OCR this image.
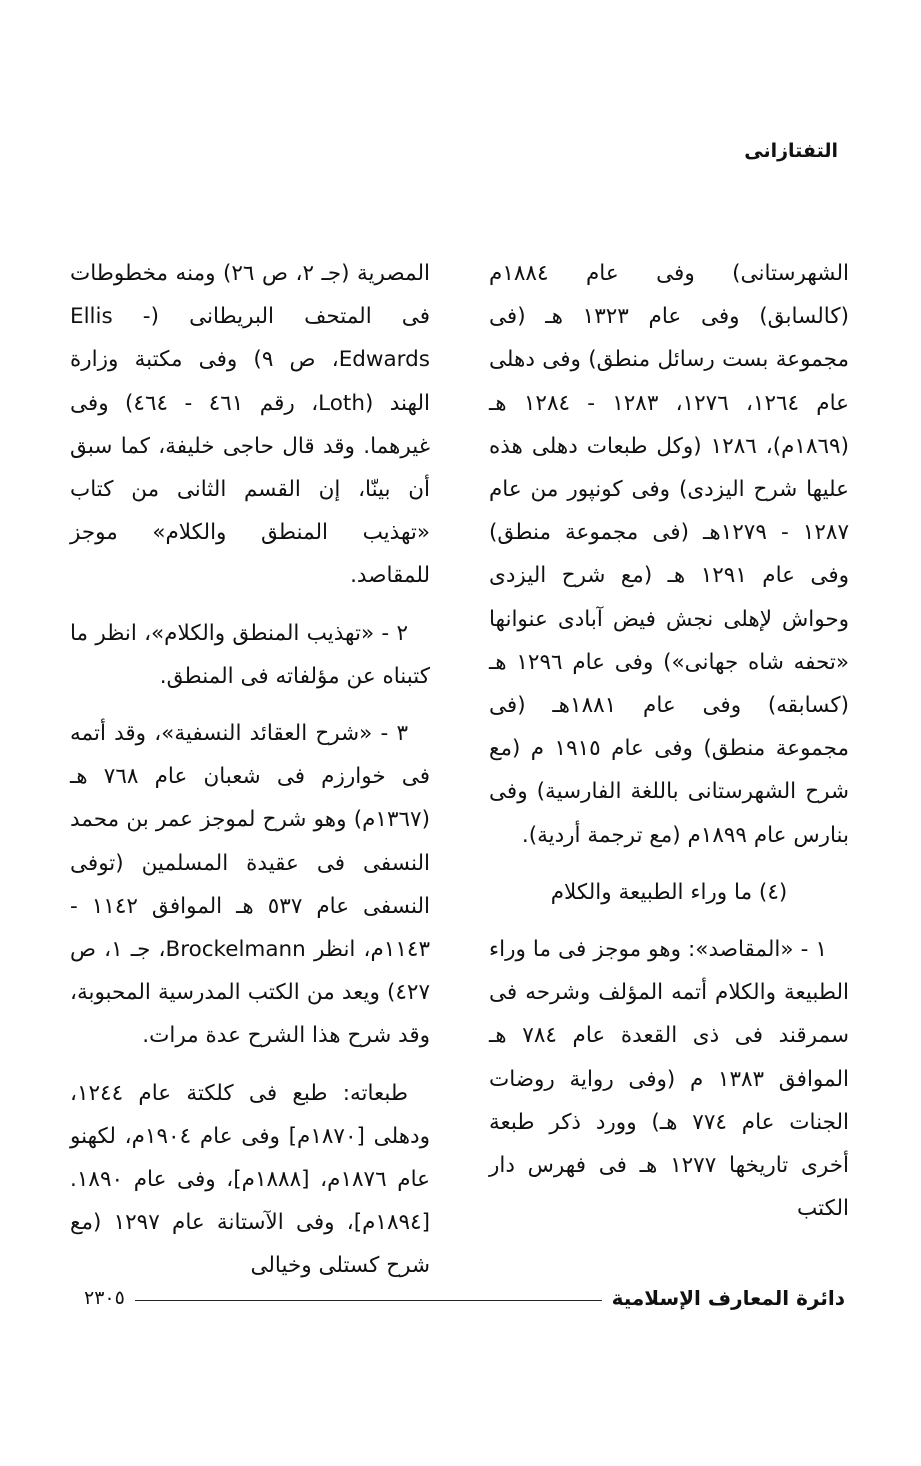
التفتازانى

الشهرستانى) وفى عام ١٨٨٤م (كالسابق) وفى عام ١٣٢٣ هـ (فى مجموعة بست رسائل منطق) وفى دهلى عام ١٢٦٤، ١٢٧٦، ١٢٨٣ - ١٢٨٤ هـ (١٨٦٩م)، ١٢٨٦ (وكل طبعات دهلى هذه عليها شرح اليزدى) وفى كونپور من عام ١٢٨٧ - ١٢٧٩هـ (فى مجموعة منطق) وفى عام ١٢٩١ هـ (مع شرح اليزدى وحواش لإهلى نجش فيض آبادى عنوانها «تحفه شاه جهانى») وفى عام ١٢٩٦ هـ (كسابقه) وفى عام ١٨٨١هـ (فى مجموعة منطق) وفى عام ١٩١٥ م (مع شرح الشهرستانى باللغة الفارسية) وفى بنارس عام ١٨٩٩م (مع ترجمة أردية).

(٤) ما وراء الطبيعة والكلام

١ - «المقاصد»: وهو موجز فى ما وراء الطبيعة والكلام أتمه المؤلف وشرحه فى سمرقند فى ذى القعدة عام ٧٨٤ هـ الموافق ١٣٨٣ م (وفى رواية روضات الجنات عام ٧٧٤ هـ) وورد ذكر طبعة أخرى تاريخها ١٢٧٧ هـ فى فهرس دار الكتب

المصرية (جـ ٢، ص ٢٦) ومنه مخطوطات فى المتحف البريطانى (Ellis - Edwards، ص ٩) وفى مكتبة وزارة الهند (Loth، رقم ٤٦١ - ٤٦٤) وفى غيرهما. وقد قال حاجى خليفة، كما سبق أن بينّا، إن القسم الثانى من كتاب «تهذيب المنطق والكلام» موجز للمقاصد.

٢ - «تهذيب المنطق والكلام»، انظر ما كتبناه عن مؤلفاته فى المنطق.

٣ - «شرح العقائد النسفية»، وقد أتمه فى خوارزم فى شعبان عام ٧٦٨ هـ (١٣٦٧م) وهو شرح لموجز عمر بن محمد النسفى فى عقيدة المسلمين (توفى النسفى عام ٥٣٧ هـ الموافق ١١٤٢ - ١١٤٣م، انظر Brockelmann، جـ ١، ص ٤٢٧) ويعد من الكتب المدرسية المحبوبة، وقد شرح هذا الشرح عدة مرات.

طبعاته: طبع فى كلكتة عام ١٢٤٤، ودهلى [١٨٧٠م] وفى عام ١٩٠٤م، لكهنو عام ١٨٧٦م، [١٨٨٨م]، وفى عام ١٨٩٠. [١٨٩٤م]، وفى الآستانة عام ١٢٩٧ (مع شرح كستلى وخيالى

دائرة المعارف الإسلامية
٢٣٠٥
